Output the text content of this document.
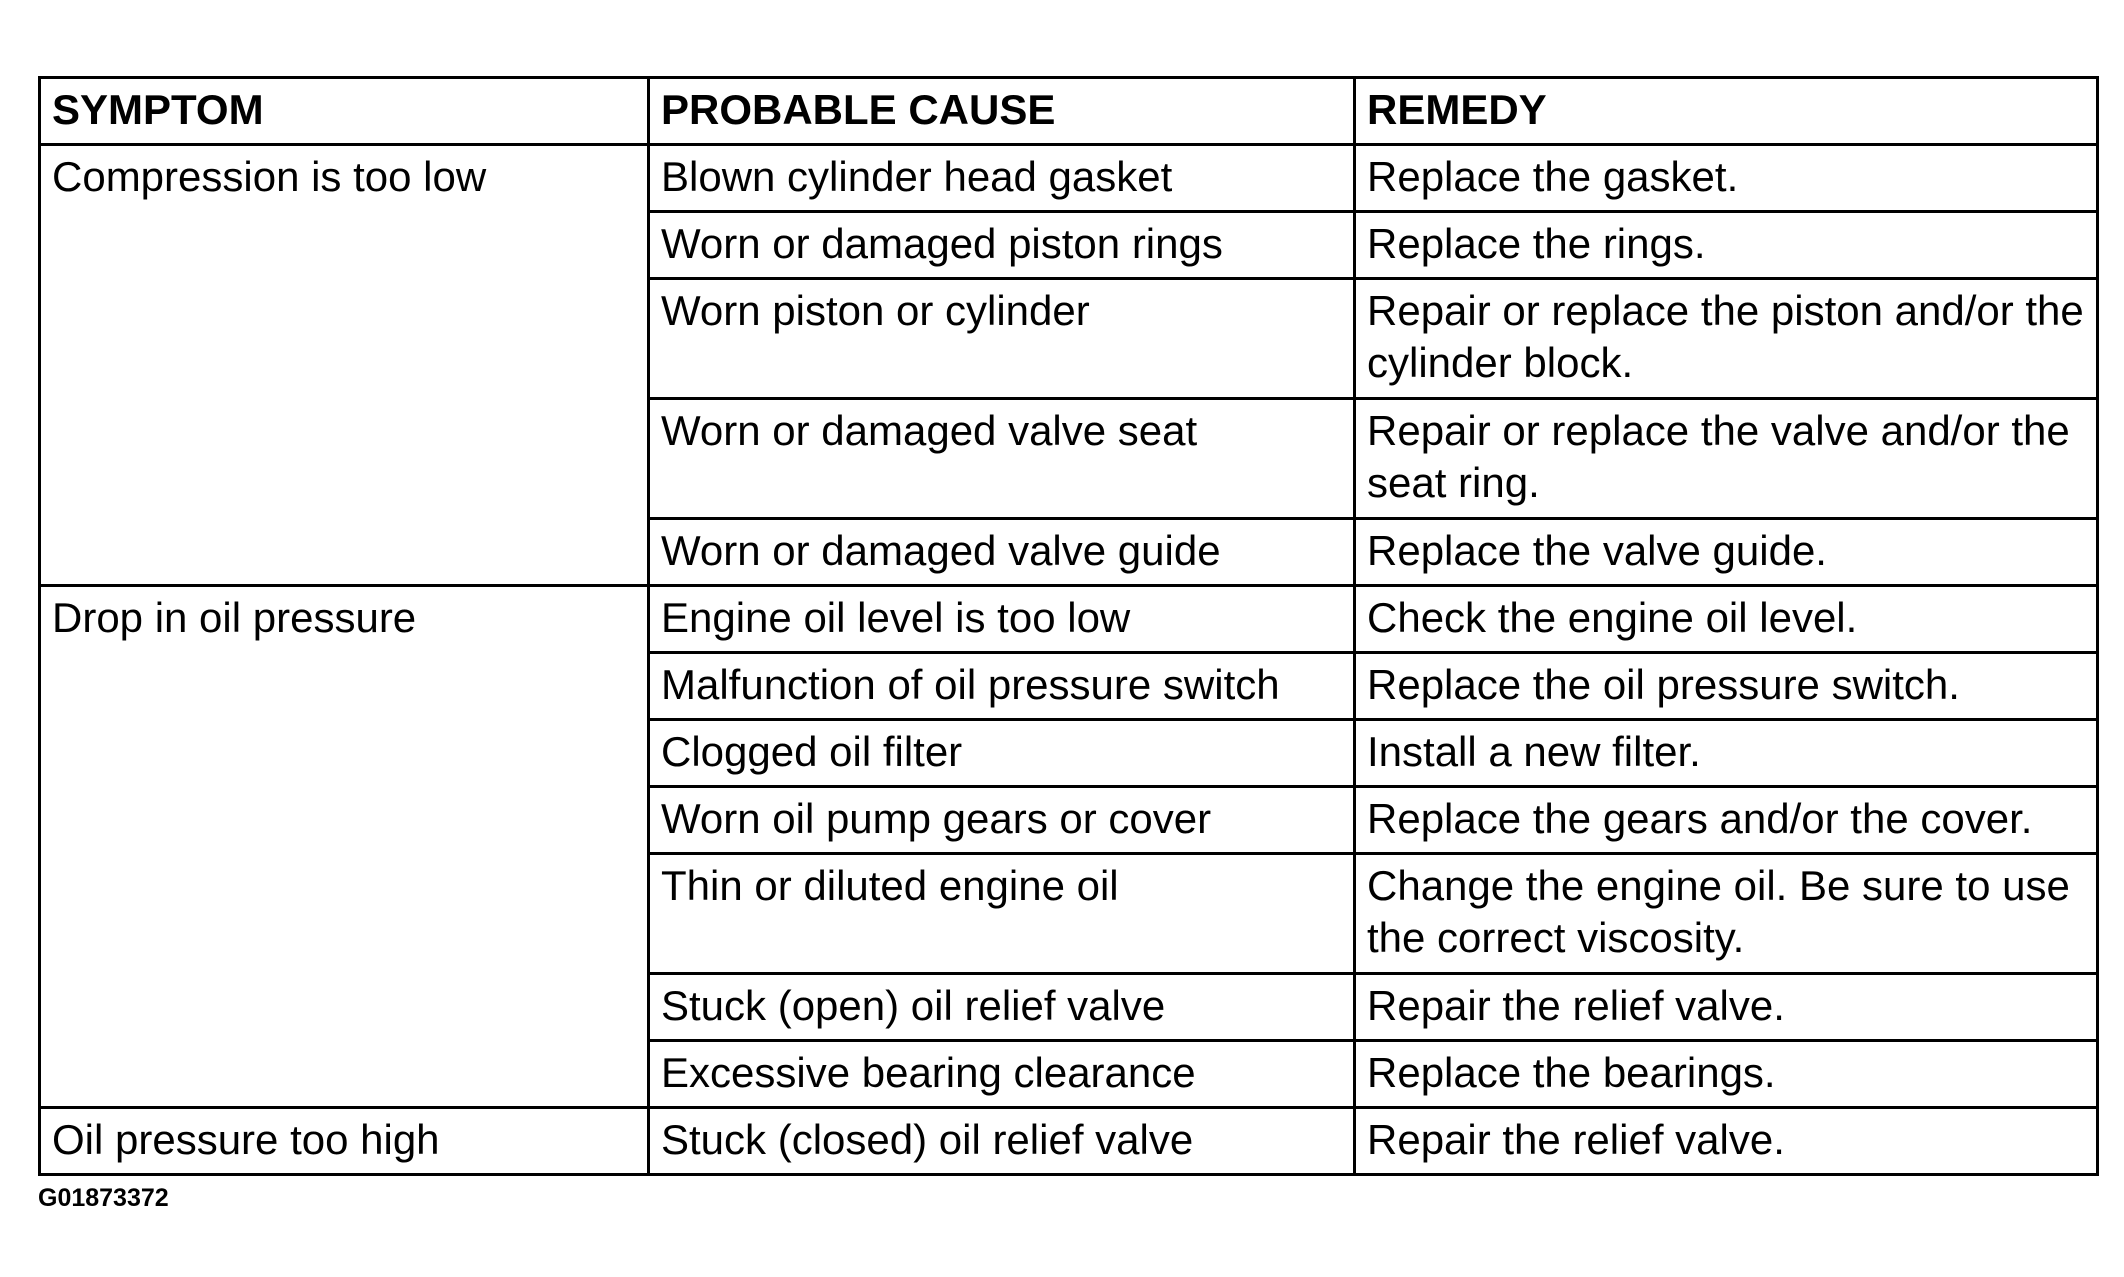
SYMPTOM	PROBABLE CAUSE	REMEDY
Compression is too low	Blown cylinder head gasket	Replace the gasket.
	Worn or damaged piston rings	Replace the rings.
	Worn piston or cylinder	Repair or replace the piston and/or the cylinder block.
	Worn or damaged valve seat	Repair or replace the valve and/or the seat ring.
	Worn or damaged valve guide	Replace the valve guide.
Drop in oil pressure	Engine oil level is too low	Check the engine oil level.
	Malfunction of oil pressure switch	Replace the oil pressure switch.
	Clogged oil filter	Install a new filter.
	Worn oil pump gears or cover	Replace the gears and/or the cover.
	Thin or diluted engine oil	Change the engine oil. Be sure to use the correct viscosity.
	Stuck (open) oil relief valve	Repair the relief valve.
	Excessive bearing clearance	Replace the bearings.
Oil pressure too high	Stuck (closed) oil relief valve	Repair the relief valve.
G01873372
